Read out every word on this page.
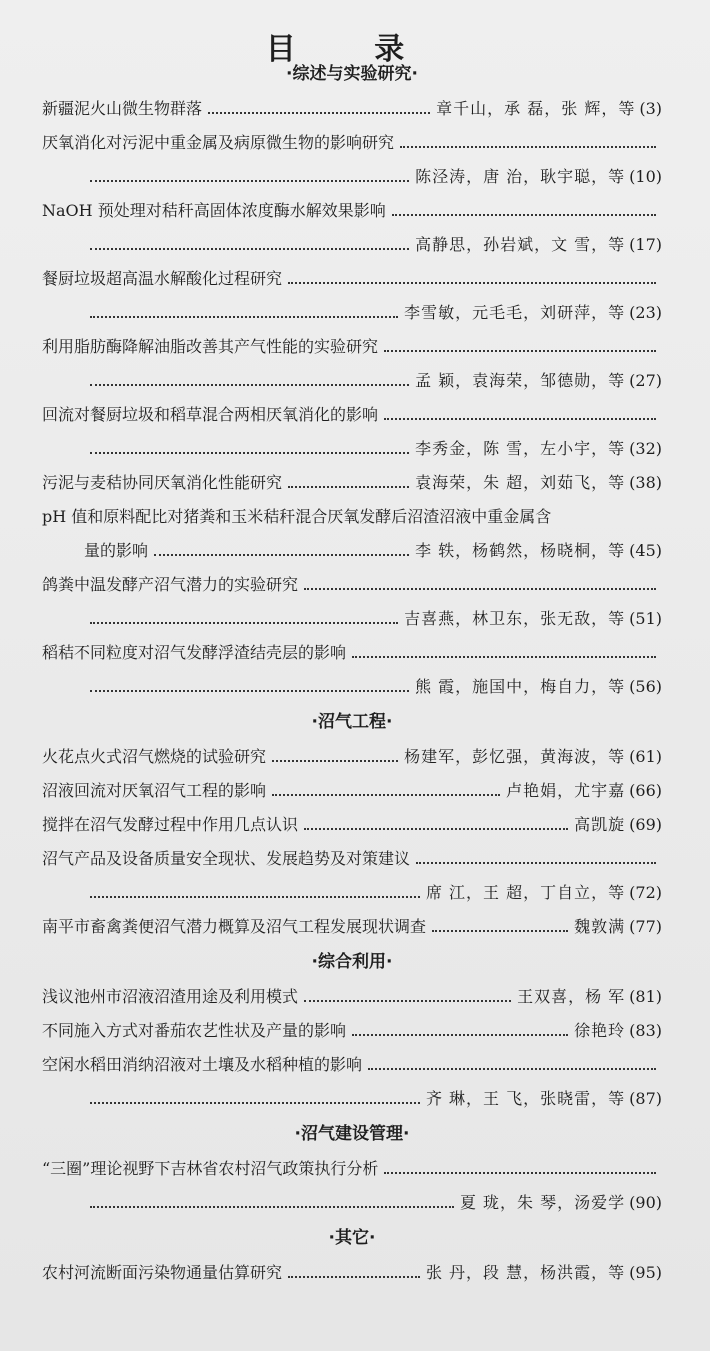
目 录
·综述与实验研究·
新疆泥火山微生物群落	章千山，承 磊，张 辉，等 (3)
厌氧消化对污泥中重金属及病原微生物的影响研究
陈泾涛，唐 治，耿宇聪，等 (10)
NaOH 预处理对秸秆高固体浓度酶水解效果影响
高静思，孙岩斌，文 雪，等 (17)
餐厨垃圾超高温水解酸化过程研究
李雪敏，元毛毛，刘研萍，等 (23)
利用脂肪酶降解油脂改善其产气性能的实验研究
孟 颖，袁海荣，邹德勋，等 (27)
回流对餐厨垃圾和稻草混合两相厌氧消化的影响
李秀金，陈 雪，左小宇，等 (32)
污泥与麦秸协同厌氧消化性能研究	袁海荣，朱 超，刘茹飞，等 (38)
pH 值和原料配比对猪粪和玉米秸秆混合厌氧发酵后沼渣沼液中重金属含
量的影响	李 轶，杨鹤然，杨晓桐，等 (45)
鸽粪中温发酵产沼气潜力的实验研究
吉喜燕，林卫东，张无敌，等 (51)
稻秸不同粒度对沼气发酵浮渣结壳层的影响
熊 霞，施国中，梅自力，等 (56)
·沼气工程·
火花点火式沼气燃烧的试验研究	杨建军，彭忆强，黄海波，等 (61)
沼液回流对厌氧沼气工程的影响	卢艳娟，尤宇嘉 (66)
搅拌在沼气发酵过程中作用几点认识	高凯旋 (69)
沼气产品及设备质量安全现状、发展趋势及对策建议
席 江，王 超，丁自立，等 (72)
南平市畜禽粪便沼气潜力概算及沼气工程发展现状调查	魏敦满 (77)
·综合利用·
浅议池州市沼液沼渣用途及利用模式	王双喜，杨 军 (81)
不同施入方式对番茄农艺性状及产量的影响	徐艳玲 (83)
空闲水稻田消纳沼液对土壤及水稻种植的影响
齐 琳，王 飞，张晓雷，等 (87)
·沼气建设管理·
“三圈”理论视野下吉林省农村沼气政策执行分析
夏 珑，朱 琴，汤爱学 (90)
·其它·
农村河流断面污染物通量估算研究	张 丹，段 慧，杨洪霞，等 (95)
